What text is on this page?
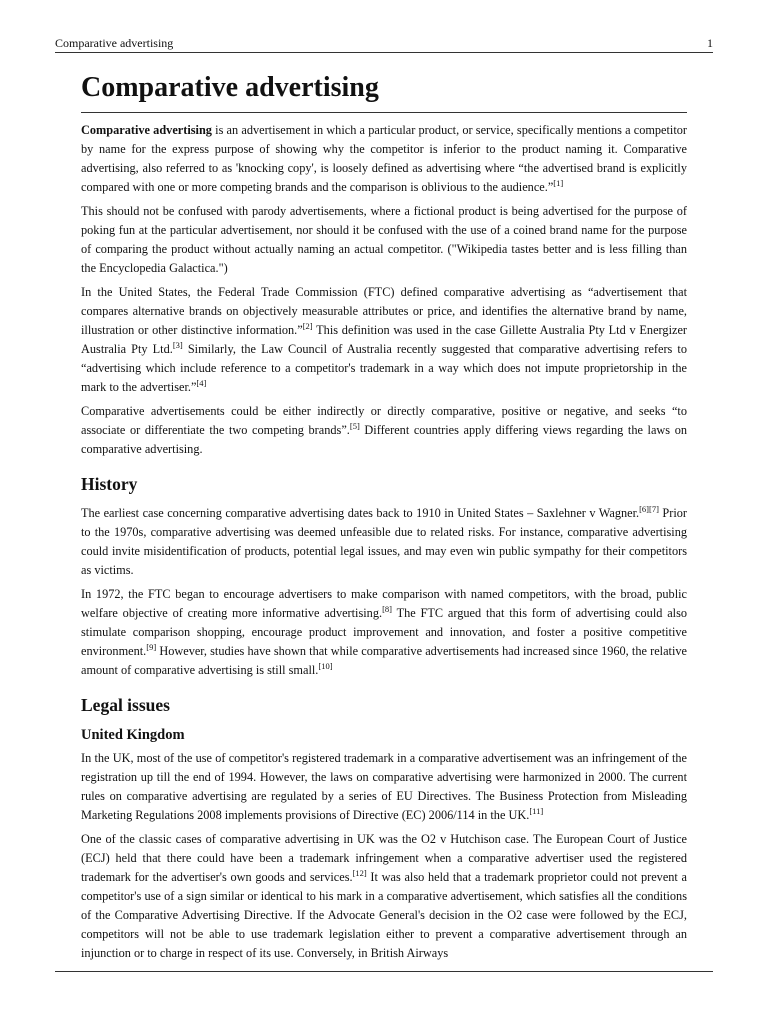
Comparative advertising	1
Comparative advertising

Comparative advertising is an advertisement in which a particular product, or service, specifically mentions a competitor by name for the express purpose of showing why the competitor is inferior to the product naming it. Comparative advertising, also referred to as 'knocking copy', is loosely defined as advertising where “the advertised brand is explicitly compared with one or more competing brands and the comparison is oblivious to the audience.”[1]

This should not be confused with parody advertisements, where a fictional product is being advertised for the purpose of poking fun at the particular advertisement, nor should it be confused with the use of a coined brand name for the purpose of comparing the product without actually naming an actual competitor. ("Wikipedia tastes better and is less filling than the Encyclopedia Galactica.")

In the United States, the Federal Trade Commission (FTC) defined comparative advertising as “advertisement that compares alternative brands on objectively measurable attributes or price, and identifies the alternative brand by name, illustration or other distinctive information.”[2] This definition was used in the case Gillette Australia Pty Ltd v Energizer Australia Pty Ltd.[3] Similarly, the Law Council of Australia recently suggested that comparative advertising refers to “advertising which include reference to a competitor's trademark in a way which does not impute proprietorship in the mark to the advertiser.”[4]

Comparative advertisements could be either indirectly or directly comparative, positive or negative, and seeks “to associate or differentiate the two competing brands”.[5] Different countries apply differing views regarding the laws on comparative advertising.

History

The earliest case concerning comparative advertising dates back to 1910 in United States – Saxlehner v Wagner.[6][7] Prior to the 1970s, comparative advertising was deemed unfeasible due to related risks. For instance, comparative advertising could invite misidentification of products, potential legal issues, and may even win public sympathy for their competitors as victims.

In 1972, the FTC began to encourage advertisers to make comparison with named competitors, with the broad, public welfare objective of creating more informative advertising.[8] The FTC argued that this form of advertising could also stimulate comparison shopping, encourage product improvement and innovation, and foster a positive competitive environment.[9] However, studies have shown that while comparative advertisements had increased since 1960, the relative amount of comparative advertising is still small.[10]

Legal issues
United Kingdom

In the UK, most of the use of competitor's registered trademark in a comparative advertisement was an infringement of the registration up till the end of 1994. However, the laws on comparative advertising were harmonized in 2000. The current rules on comparative advertising are regulated by a series of EU Directives. The Business Protection from Misleading Marketing Regulations 2008 implements provisions of Directive (EC) 2006/114 in the UK.[11]

One of the classic cases of comparative advertising in UK was the O2 v Hutchison case. The European Court of Justice (ECJ) held that there could have been a trademark infringement when a comparative advertiser used the registered trademark for the advertiser's own goods and services.[12] It was also held that a trademark proprietor could not prevent a competitor's use of a sign similar or identical to his mark in a comparative advertisement, which satisfies all the conditions of the Comparative Advertising Directive. If the Advocate General's decision in the O2 case were followed by the ECJ, competitors will not be able to use trademark legislation either to prevent a comparative advertisement through an injunction or to charge in respect of its use. Conversely, in British Airways
